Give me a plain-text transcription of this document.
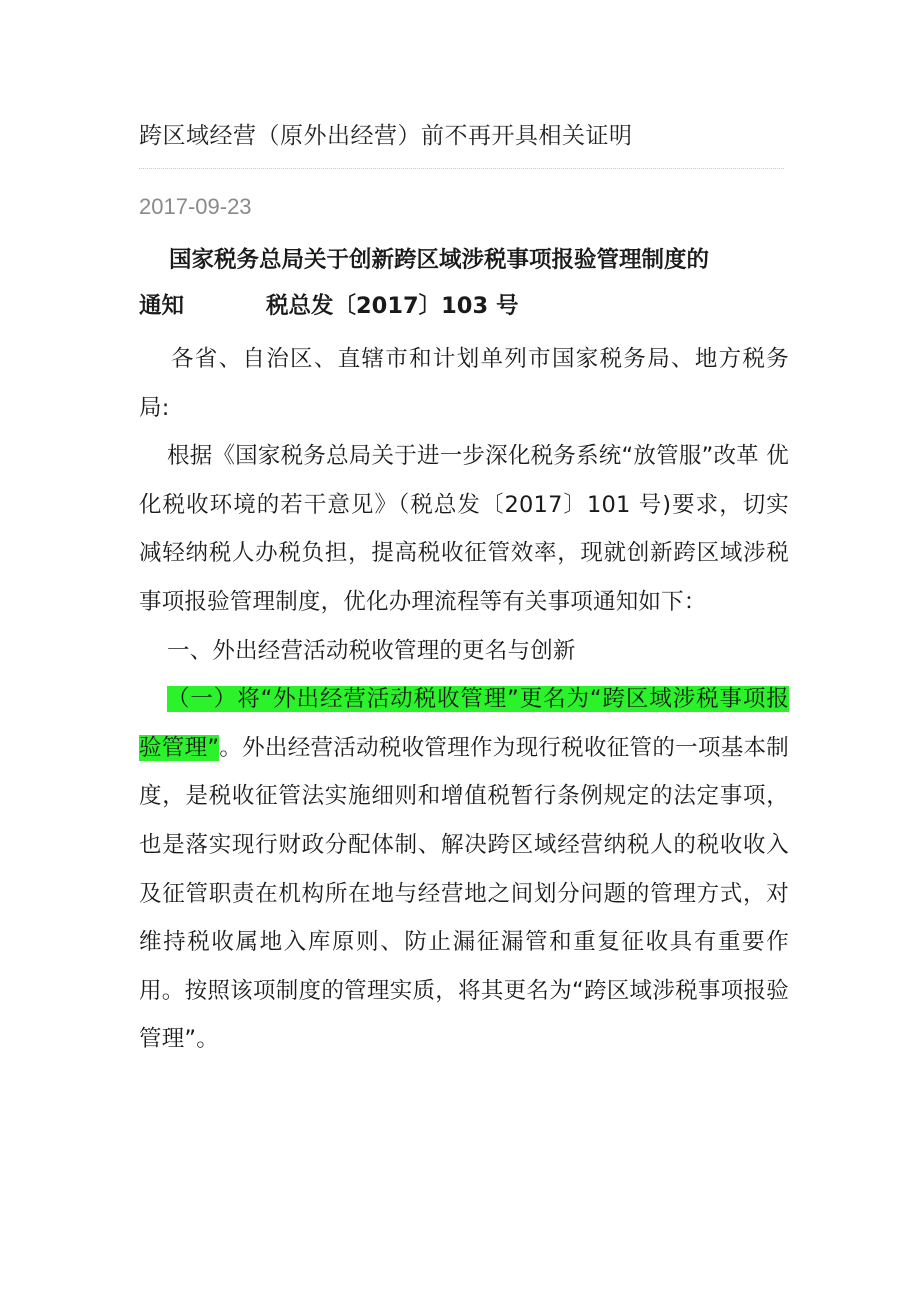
跨区域经营（原外出经营）前不再开具相关证明
2017-09-23
国家税务总局关于创新跨区域涉税事项报验管理制度的
通知	税总发〔2017〕103 号

各省、自治区、直辖市和计划单列市国家税务局、地方税务局:

根据《国家税务总局关于进一步深化税务系统“放管服”改革 优化税收环境的若干意见》（税总发〔2017〕101 号)要求，切实减轻纳税人办税负担，提高税收征管效率，现就创新跨区域涉税事项报验管理制度，优化办理流程等有关事项通知如下：

一、外出经营活动税收管理的更名与创新

（一）将“外出经营活动税收管理”更名为“跨区域涉税事项报验管理”。外出经营活动税收管理作为现行税收征管的一项基本制度，是税收征管法实施细则和增值税暂行条例规定的法定事项，也是落实现行财政分配体制、解决跨区域经营纳税人的税收收入及征管职责在机构所在地与经营地之间划分问题的管理方式，对维持税收属地入库原则、防止漏征漏管和重复征收具有重要作用。按照该项制度的管理实质，将其更名为“跨区域涉税事项报验管理”。
